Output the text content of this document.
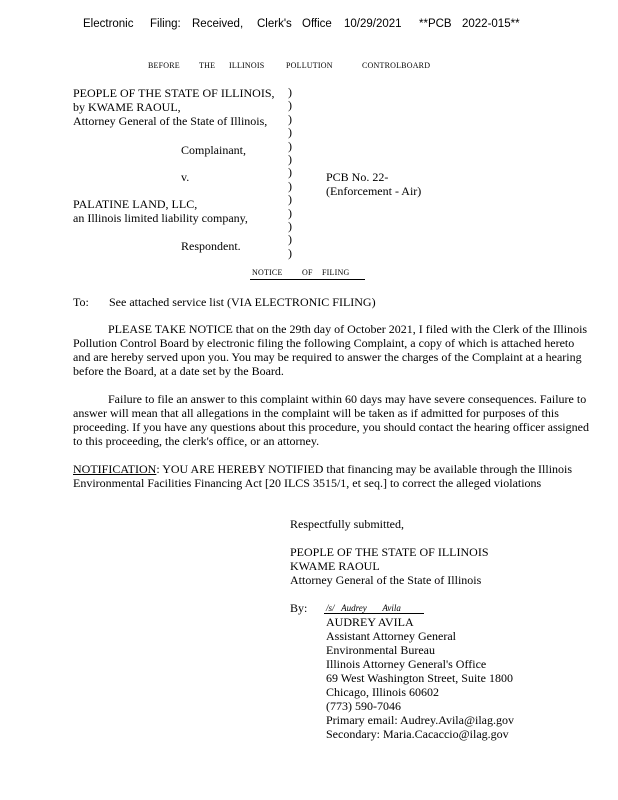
Electronic Filing: Received, Clerk's Office 10/29/2021 **PCB 2022-015**
BEFORE THE ILLINOIS	POLLUTION	CONTROLBOARD
PEOPLE OF THE STATE OF ILLINOIS,
by KWAME RAOUL,
Attorney General of the State of Illinois,
Complainant,
v.
PALATINE LAND, LLC,
an Illinois limited liability company,
Respondent.
)
)
)
)
)
)
)
)
)
)
)
)
)
PCB No. 22-
(Enforcement - Air)
NOTICE OF FILING
To: See attached service list (VIA ELECTRONIC FILING)

PLEASE TAKE NOTICE that on the 29th day of October 2021, I filed with the Clerk of the Illinois Pollution Control Board by electronic filing the following Complaint, a copy of which is attached hereto and are hereby served upon you. You may be required to answer the charges of the Complaint at a hearing before the Board, at a date set by the Board.

Failure to file an answer to this complaint within 60 days may have severe consequences. Failure to answer will mean that all allegations in the complaint will be taken as if admitted for purposes of this proceeding. If you have any questions about this procedure, you should contact the hearing officer assigned to this proceeding, the clerk's office, or an attorney.

NOTIFICATION: YOU ARE HEREBY NOTIFIED that financing may be available through the Illinois Environmental Facilities Financing Act [20 ILCS 3515/1, et seq.] to correct the alleged violations

Respectfully submitted,
PEOPLE OF THE STATE OF ILLINOIS
KWAME RAOUL
Attorney General of the State of Illinois
By: /s/   Audrey       Avila
AUDREY AVILA
Assistant Attorney General
Environmental Bureau
Illinois Attorney General's Office
69 West Washington Street, Suite 1800
Chicago, Illinois 60602
(773) 590-7046
Primary email: Audrey.Avila@ilag.gov
Secondary: Maria.Cacaccio@ilag.gov
